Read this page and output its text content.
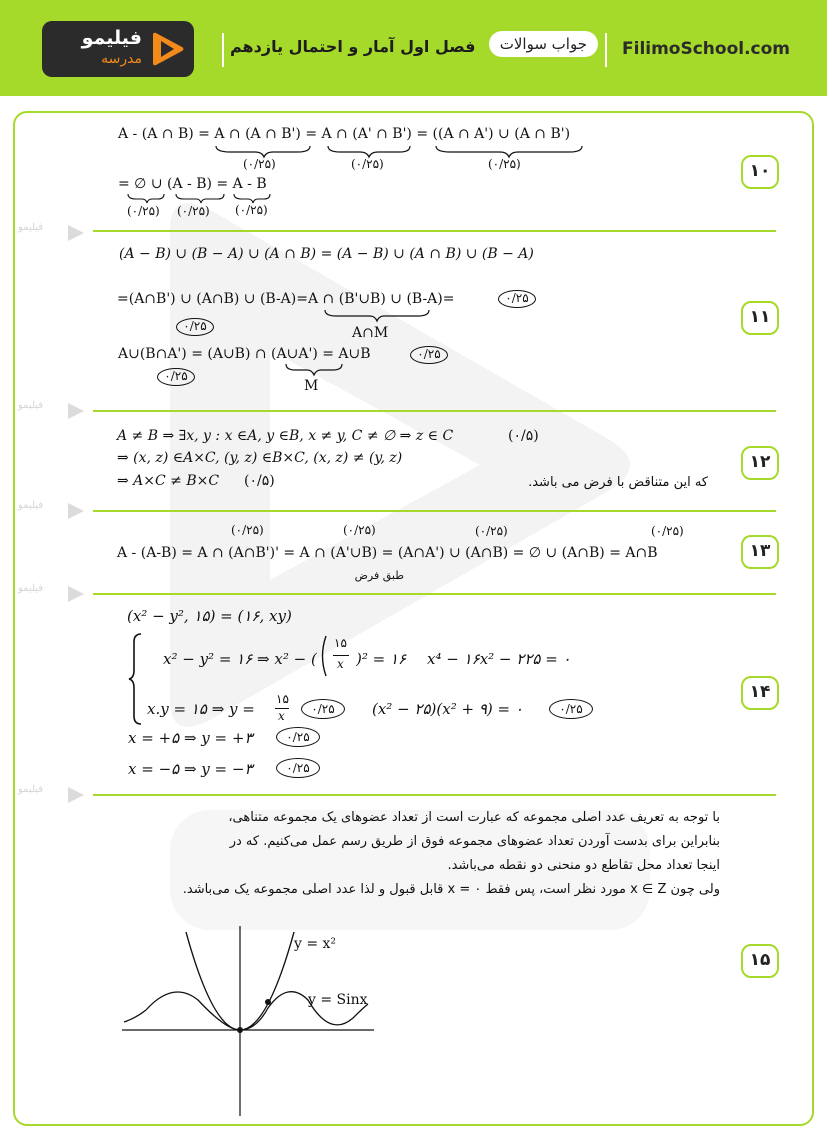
فیلیمو
مدرسه
جواب سوالات
فصل اول آمار و احتمال یازدهم	FilimoSchool.com
فیلیمو
فیلیمو
فیلیمو
فیلیمو
فیلیمو
۱۰
A - (A ∩ B) = A ∩ (A ∩ B') = A ∩ (A' ∩ B') = ((A ∩ A') ∪ (A ∩ B')
(۰/۲۵)	(۰/۲۵)	(۰/۲۵)
= ∅ ∪ (A - B) = A - B
(۰/۲۵) (۰/۲۵) (۰/۲۵)
۱۱
(A − B) ∪ (B − A) ∪ (A ∩ B) = (A − B) ∪ (A ∩ B) ∪ (B − A)
=(A∩B') ∪ (A∩B) ∪ (B-A)=A ∩ (B'∪B) ∪ (B-A)=	۰/۲۵
۰/۲۵	A∩M
A∪(B∩A') = (A∪B) ∩ (A∪A') = A∪B	۰/۲۵
۰/۲۵
M
۱۲
A ≠ B ⇒ ∃x, y : x ∈A, y ∈B, x ≠ y, C ≠ ∅ ⇒ z ∈ C	(۰/۵)
⇒ (x, z) ∈A×C, (y, z) ∈B×C, (x, z) ≠ (y, z)
⇒ A×C ≠ B×C (۰/۵)	که این متناقض با فرض می باشد.
۱۳
(۰/۲۵)	(۰/۲۵)	(۰/۲۵)	(۰/۲۵)
A - (A-B) = A ∩ (A∩B')' = A ∩ (A'∪B) = (A∩A') ∪ (A∩B) = ∅ ∪ (A∩B) = A∩B
طبق فرض
۱۴
(x² − y², ۱۵) = (۱۶, xy)
x² − y² = ۱۶ ⇒ x² − (
۱۵
x )² = ۱۶ x⁴ − ۱۶x² − ۲۲۵ = ۰
x.y = ۱۵ ⇒ y =
۱۵
x	۰/۲۵	(x² − ۲۵)(x² + ۹) = ۰	۰/۲۵
x = +۵ ⇒ y = +۳	۰/۲۵
x = −۵ ⇒ y = −۳	۰/۲۵
۱۵
با توجه به تعریف عدد اصلی مجموعه که عبارت است از تعداد عضوهای یک مجموعه متناهی،
بنابراین برای بدست آوردن تعداد عضوهای مجموعه فوق از طریق رسم عمل می‌کنیم. که در
اینجا تعداد محل تقاطع دو منحنی دو نقطه می‌باشد.
ولی چون x ∈ Z مورد نظر است، پس فقط x = ۰ قابل قبول و لذا عدد اصلی مجموعه یک می‌باشد.
y = x²
y = Sinx
